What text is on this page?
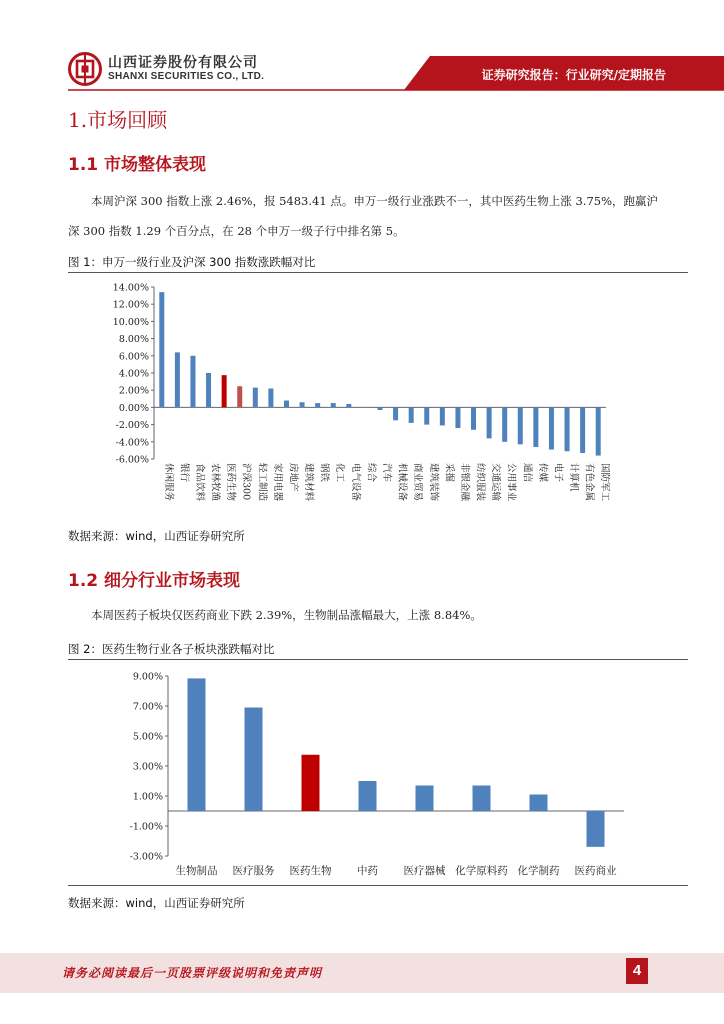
山西证券股份有限公司
SHANXI SECURITIES CO., LTD.	证券研究报告：行业研究/定期报告
1.市场回顾
1.1 市场整体表现
本周沪深 300 指数上涨 2.46%，报 5483.41 点。申万一级行业涨跌不一，其中医药生物上涨 3.75%，跑赢沪深 300 指数 1.29 个百分点，在 28 个申万一级子行中排名第 5。
图 1：申万一级行业及沪深 300 指数涨跌幅对比
14.00%
12.00%
10.00%
8.00%
6.00%
4.00%
2.00%
0.00%
-2.00%
-4.00%
-6.00%
休闲服务 银行 食品饮料 农林牧渔 医药生物 沪深300 轻工制造 家用电器 房地产 建筑材料 钢铁 化工 电气设备 综合 汽车 机械设备 商业贸易 建筑装饰 采掘 非银金融 纺织服装 交通运输 公用事业 通信 传媒 电子 计算机 有色金属 国防军工
数据来源：wind，山西证券研究所
1.2 细分行业市场表现
本周医药子板块仅医药商业下跌 2.39%，生物制品涨幅最大，上涨 8.84%。
图 2：医药生物行业各子板块涨跌幅对比
9.00%
7.00%
5.00%
3.00%
1.00%
-1.00%
-3.00%
生物制品 医疗服务 医药生物 中药 医疗器械 化学原料药 化学制药 医药商业
数据来源：wind，山西证券研究所
请务必阅读最后一页股票评级说明和免责声明	4
